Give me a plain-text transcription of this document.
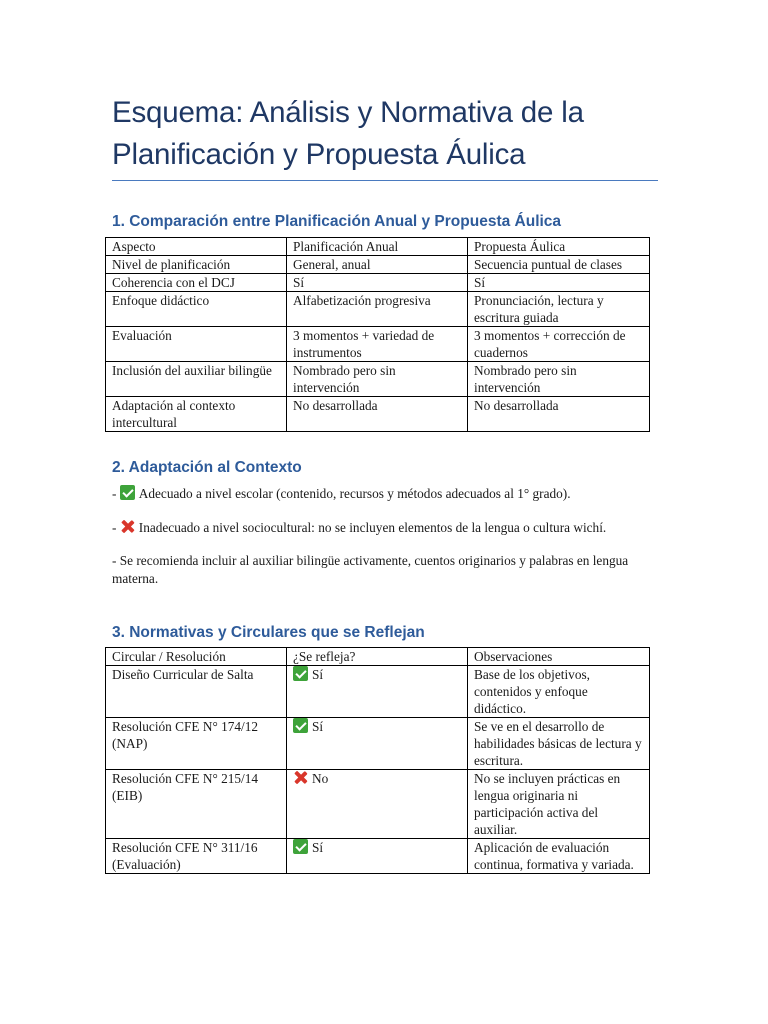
Esquema: Análisis y Normativa de la Planificación y Propuesta Áulica
1. Comparación entre Planificación Anual y Propuesta Áulica
Aspecto	Planificación Anual	Propuesta Áulica
Nivel de planificación	General, anual	Secuencia puntual de clases
Coherencia con el DCJ	Sí	Sí
Enfoque didáctico	Alfabetización progresiva	Pronunciación, lectura y escritura guiada
Evaluación	3 momentos + variedad de instrumentos	3 momentos + corrección de cuadernos
Inclusión del auxiliar bilingüe	Nombrado pero sin intervención	Nombrado pero sin intervención
Adaptación al contexto intercultural	No desarrollada	No desarrollada
2. Adaptación al Contexto
- Adecuado a nivel escolar (contenido, recursos y métodos adecuados al 1° grado).
- Inadecuado a nivel sociocultural: no se incluyen elementos de la lengua o cultura wichí.
- Se recomienda incluir al auxiliar bilingüe activamente, cuentos originarios y palabras en lengua materna.
3. Normativas y Circulares que se Reflejan
Circular / Resolución	¿Se refleja?	Observaciones
Diseño Curricular de Salta	Sí	Base de los objetivos, contenidos y enfoque didáctico.
Resolución CFE N° 174/12 (NAP)	Sí	Se ve en el desarrollo de habilidades básicas de lectura y escritura.
Resolución CFE N° 215/14 (EIB)	No	No se incluyen prácticas en lengua originaria ni participación activa del auxiliar.
Resolución CFE N° 311/16 (Evaluación)	Sí	Aplicación de evaluación continua, formativa y variada.
